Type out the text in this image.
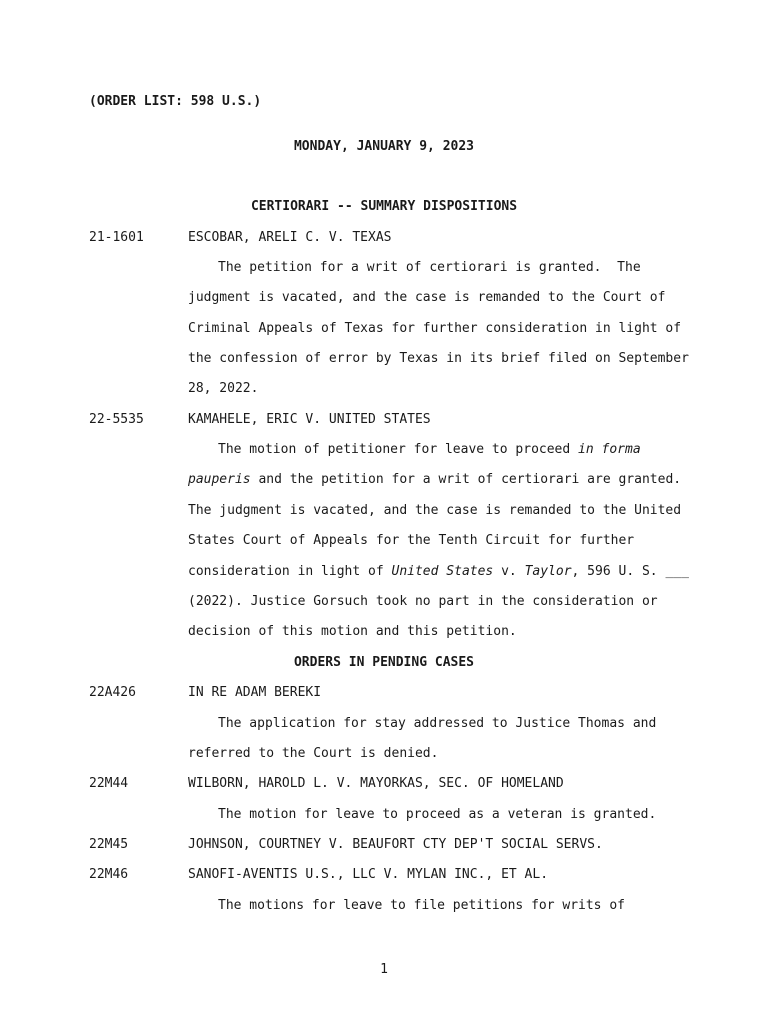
(ORDER LIST: 598 U.S.)
MONDAY, JANUARY 9, 2023
CERTIORARI -- SUMMARY DISPOSITIONS
21-1601	ESCOBAR, ARELI C. V. TEXAS
The petition for a writ of certiorari is granted.  The
judgment is vacated, and the case is remanded to the Court of
Criminal Appeals of Texas for further consideration in light of
the confession of error by Texas in its brief filed on September
28, 2022.
22-5535	KAMAHELE, ERIC V. UNITED STATES
The motion of petitioner for leave to proceed in forma
pauperis and the petition for a writ of certiorari are granted.
The judgment is vacated, and the case is remanded to the United
States Court of Appeals for the Tenth Circuit for further
consideration in light of United States v. Taylor, 596 U. S. ___
(2022). Justice Gorsuch took no part in the consideration or
decision of this motion and this petition.
ORDERS IN PENDING CASES
22A426	IN RE ADAM BEREKI
The application for stay addressed to Justice Thomas and
referred to the Court is denied.
22M44	WILBORN, HAROLD L. V. MAYORKAS, SEC. OF HOMELAND
The motion for leave to proceed as a veteran is granted.
22M45	JOHNSON, COURTNEY V. BEAUFORT CTY DEP'T SOCIAL SERVS.
22M46	SANOFI-AVENTIS U.S., LLC V. MYLAN INC., ET AL.
The motions for leave to file petitions for writs of
1
